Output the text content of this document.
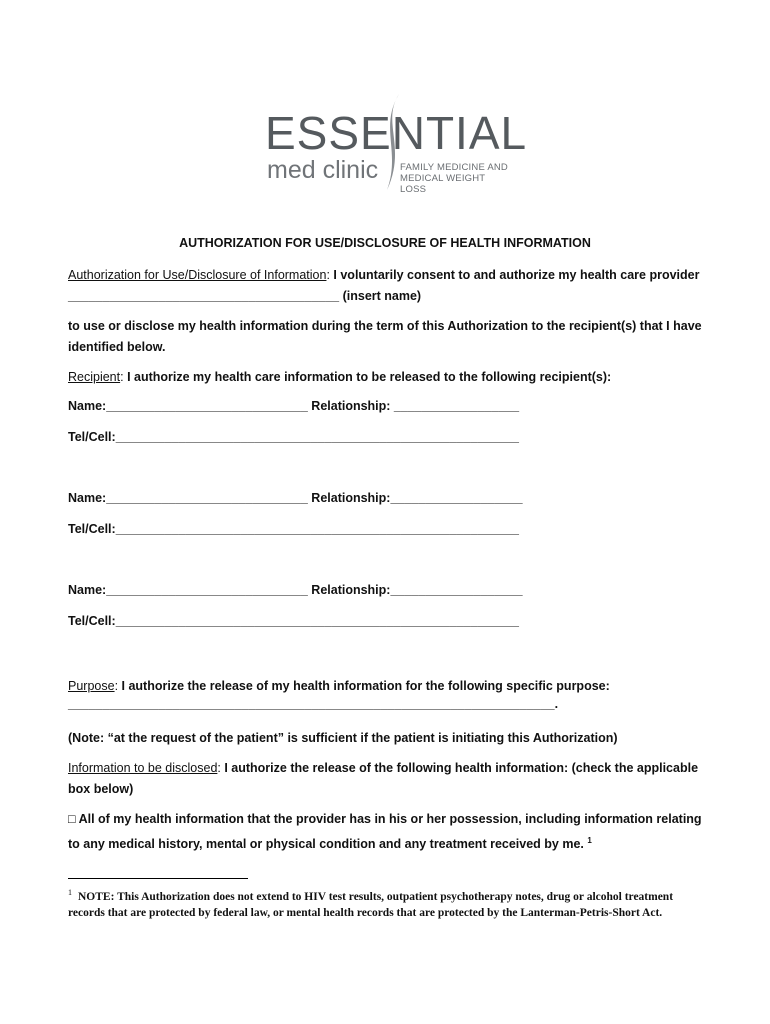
ESSENTIAL
med clinic FAMILY MEDICINE AND
MEDICAL WEIGHT LOSS
AUTHORIZATION FOR USE/DISCLOSURE OF HEALTH INFORMATION
Authorization for Use/Disclosure of Information: I voluntarily consent to and authorize my health care provider _______________________________________ (insert name)
to use or disclose my health information during the term of this Authorization to the recipient(s) that I have identified below.
Recipient: I authorize my health care information to be released to the following recipient(s):
Name:_____________________________ Relationship: __________________
Tel/Cell:__________________________________________________________
Name:_____________________________ Relationship:___________________
Tel/Cell:__________________________________________________________
Name:_____________________________ Relationship:___________________
Tel/Cell:__________________________________________________________
Purpose: I authorize the release of my health information for the following specific purpose:
______________________________________________________________________.
(Note: “at the request of the patient” is sufficient if the patient is initiating this Authorization)
Information to be disclosed: I authorize the release of the following health information: (check the applicable box below)
□ All of my health information that the provider has in his or her possession, including information relating to any medical history, mental or physical condition and any treatment received by me. $^1$
$^1$ NOTE: This Authorization does not extend to HIV test results, outpatient psychotherapy notes, drug or alcohol treatment records that are protected by federal law, or mental health records that are protected by the Lanterman-Petris-Short Act.
